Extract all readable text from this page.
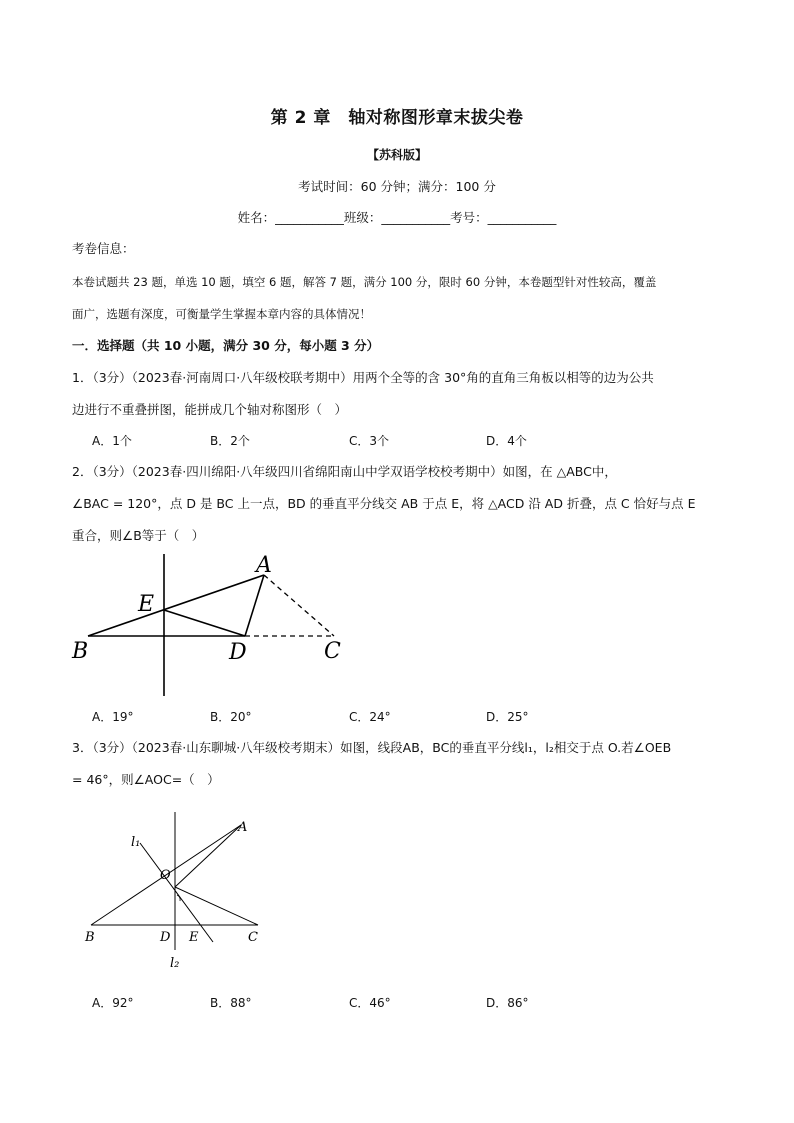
第 2 章　轴对称图形章末拔尖卷
【苏科版】
考试时间：60 分钟；满分：100 分
姓名：___________班级：___________考号：___________
考卷信息：
本卷试题共 23 题，单选 10 题，填空 6 题，解答 7 题，满分 100 分，限时 60 分钟，本卷题型针对性较高，覆盖
面广，选题有深度，可衡量学生掌握本章内容的具体情况！
一．选择题（共 10 小题，满分 30 分，每小题 3 分）
1．（3分）（2023春·河南周口·八年级校联考期中）用两个全等的含 30°角的直角三角板以相等的边为公共
边进行不重叠拼图，能拼成几个轴对称图形（　）
A．1个	B．2个	C．3个	D．4个
2．（3分）（2023春·四川绵阳·八年级四川省绵阳南山中学双语学校校考期中）如图，在 △ABC中，
∠BAC = 120°，点 D 是 BC 上一点，BD 的垂直平分线交 AB 于点 E，将 △ACD 沿 AD 折叠，点 C 恰好与点 E
重合，则∠B等于（　）
A
E
B	D	C
A
l₁
O
B	D E	C
l₂
A．19°	B．20°	C．24°	D．25°
3．（3分）（2023春·山东聊城·八年级校考期末）如图，线段AB，BC的垂直平分线l₁，l₂相交于点 O.若∠OEB
= 46°，则∠AOC=（　）
A．92°	B．88°	C．46°	D．86°
